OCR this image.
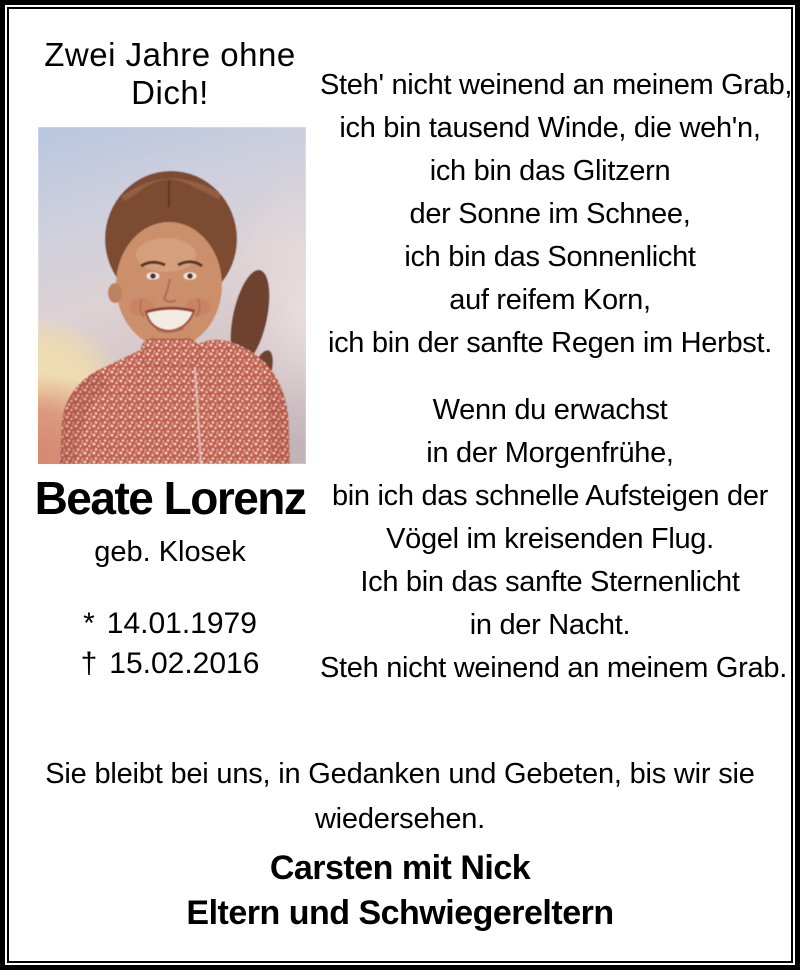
Zwei Jahre ohne Dich!
Beate Lorenz
geb. Klosek
* 14.01.1979
† 15.02.2016
Steh' nicht weinend an meinem Grab,
ich bin tausend Winde, die weh'n,
ich bin das Glitzern
der Sonne im Schnee,
ich bin das Sonnenlicht
auf reifem Korn,
ich bin der sanfte Regen im Herbst.
Wenn du erwachst
in der Morgenfrühe,
bin ich das schnelle Aufsteigen der
Vögel im kreisenden Flug.
Ich bin das sanfte Sternenlicht
in der Nacht.
Steh nicht weinend an meinem Grab.
Sie bleibt bei uns, in Gedanken und Gebeten, bis wir sie
wiedersehen.
Carsten mit Nick
Eltern und Schwiegereltern
